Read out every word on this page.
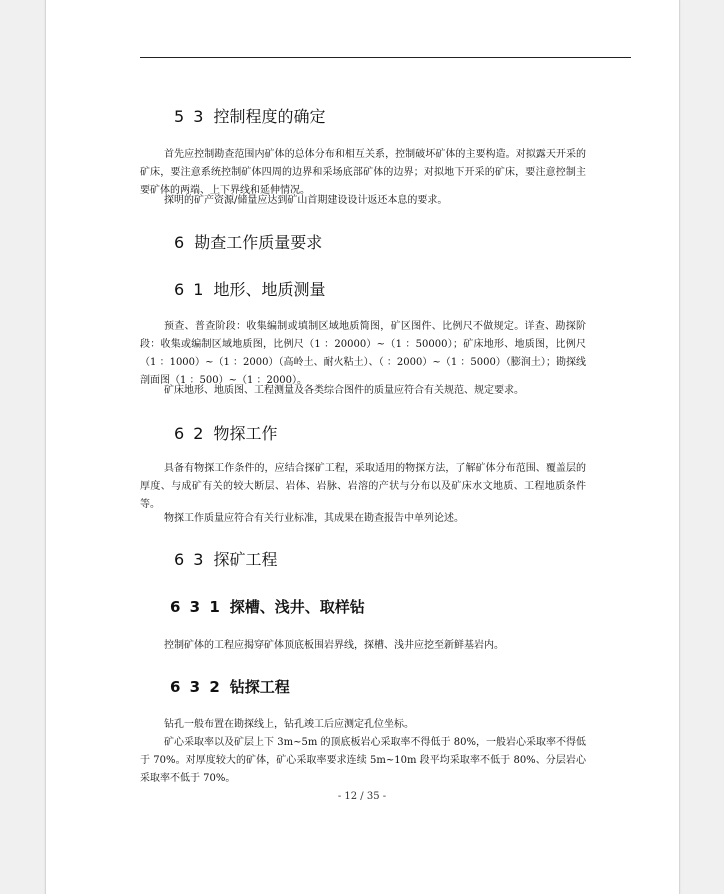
5 3 控制程度的确定
首先应控制勘查范围内矿体的总体分布和相互关系，控制破坏矿体的主要构造。对拟露天开采的矿床，要注意系统控制矿体四周的边界和采场底部矿体的边界；对拟地下开采的矿床，要注意控制主要矿体的两端、上下界线和延伸情况。
探明的矿产资源/储量应达到矿山首期建设设计返还本息的要求。
6 勘查工作质量要求
6 1 地形、地质测量
预查、普查阶段：收集编制或填制区域地质简图，矿区图件、比例尺不做规定。详查、勘探阶段：收集或编制区域地质图，比例尺（1 ：20000）~（1 ：50000）；矿床地形、地质图，比例尺（1 ：1000）~（1 ：2000）（高岭土、耐火粘土）、（ ：2000）~（1 ：5000）（膨润土）；勘探线剖面图（1 ：500）~（1 ：2000）。
矿床地形、地质图、工程测量及各类综合图件的质量应符合有关规范、规定要求。
6 2 物探工作
具备有物探工作条件的，应结合探矿工程，采取适用的物探方法，了解矿体分布范围、覆盖层的厚度、与成矿有关的较大断层、岩体、岩脉、岩溶的产状与分布以及矿床水文地质、工程地质条件等。
物探工作质量应符合有关行业标准，其成果在勘查报告中单列论述。
6 3 探矿工程
6 3 1 探槽、浅井、取样钻
控制矿体的工程应揭穿矿体顶底板围岩界线，探槽、浅井应挖至新鲜基岩内。
6 3 2 钻探工程
钻孔一般布置在勘探线上，钻孔竣工后应测定孔位坐标。
矿心采取率以及矿层上下 3m~5m 的顶底板岩心采取率不得低于 80%，一般岩心采取率不得低于 70%。对厚度较大的矿体，矿心采取率要求连续 5m~10m 段平均采取率不低于 80%、分层岩心采取率不低于 70%。
- 12 / 35 -
